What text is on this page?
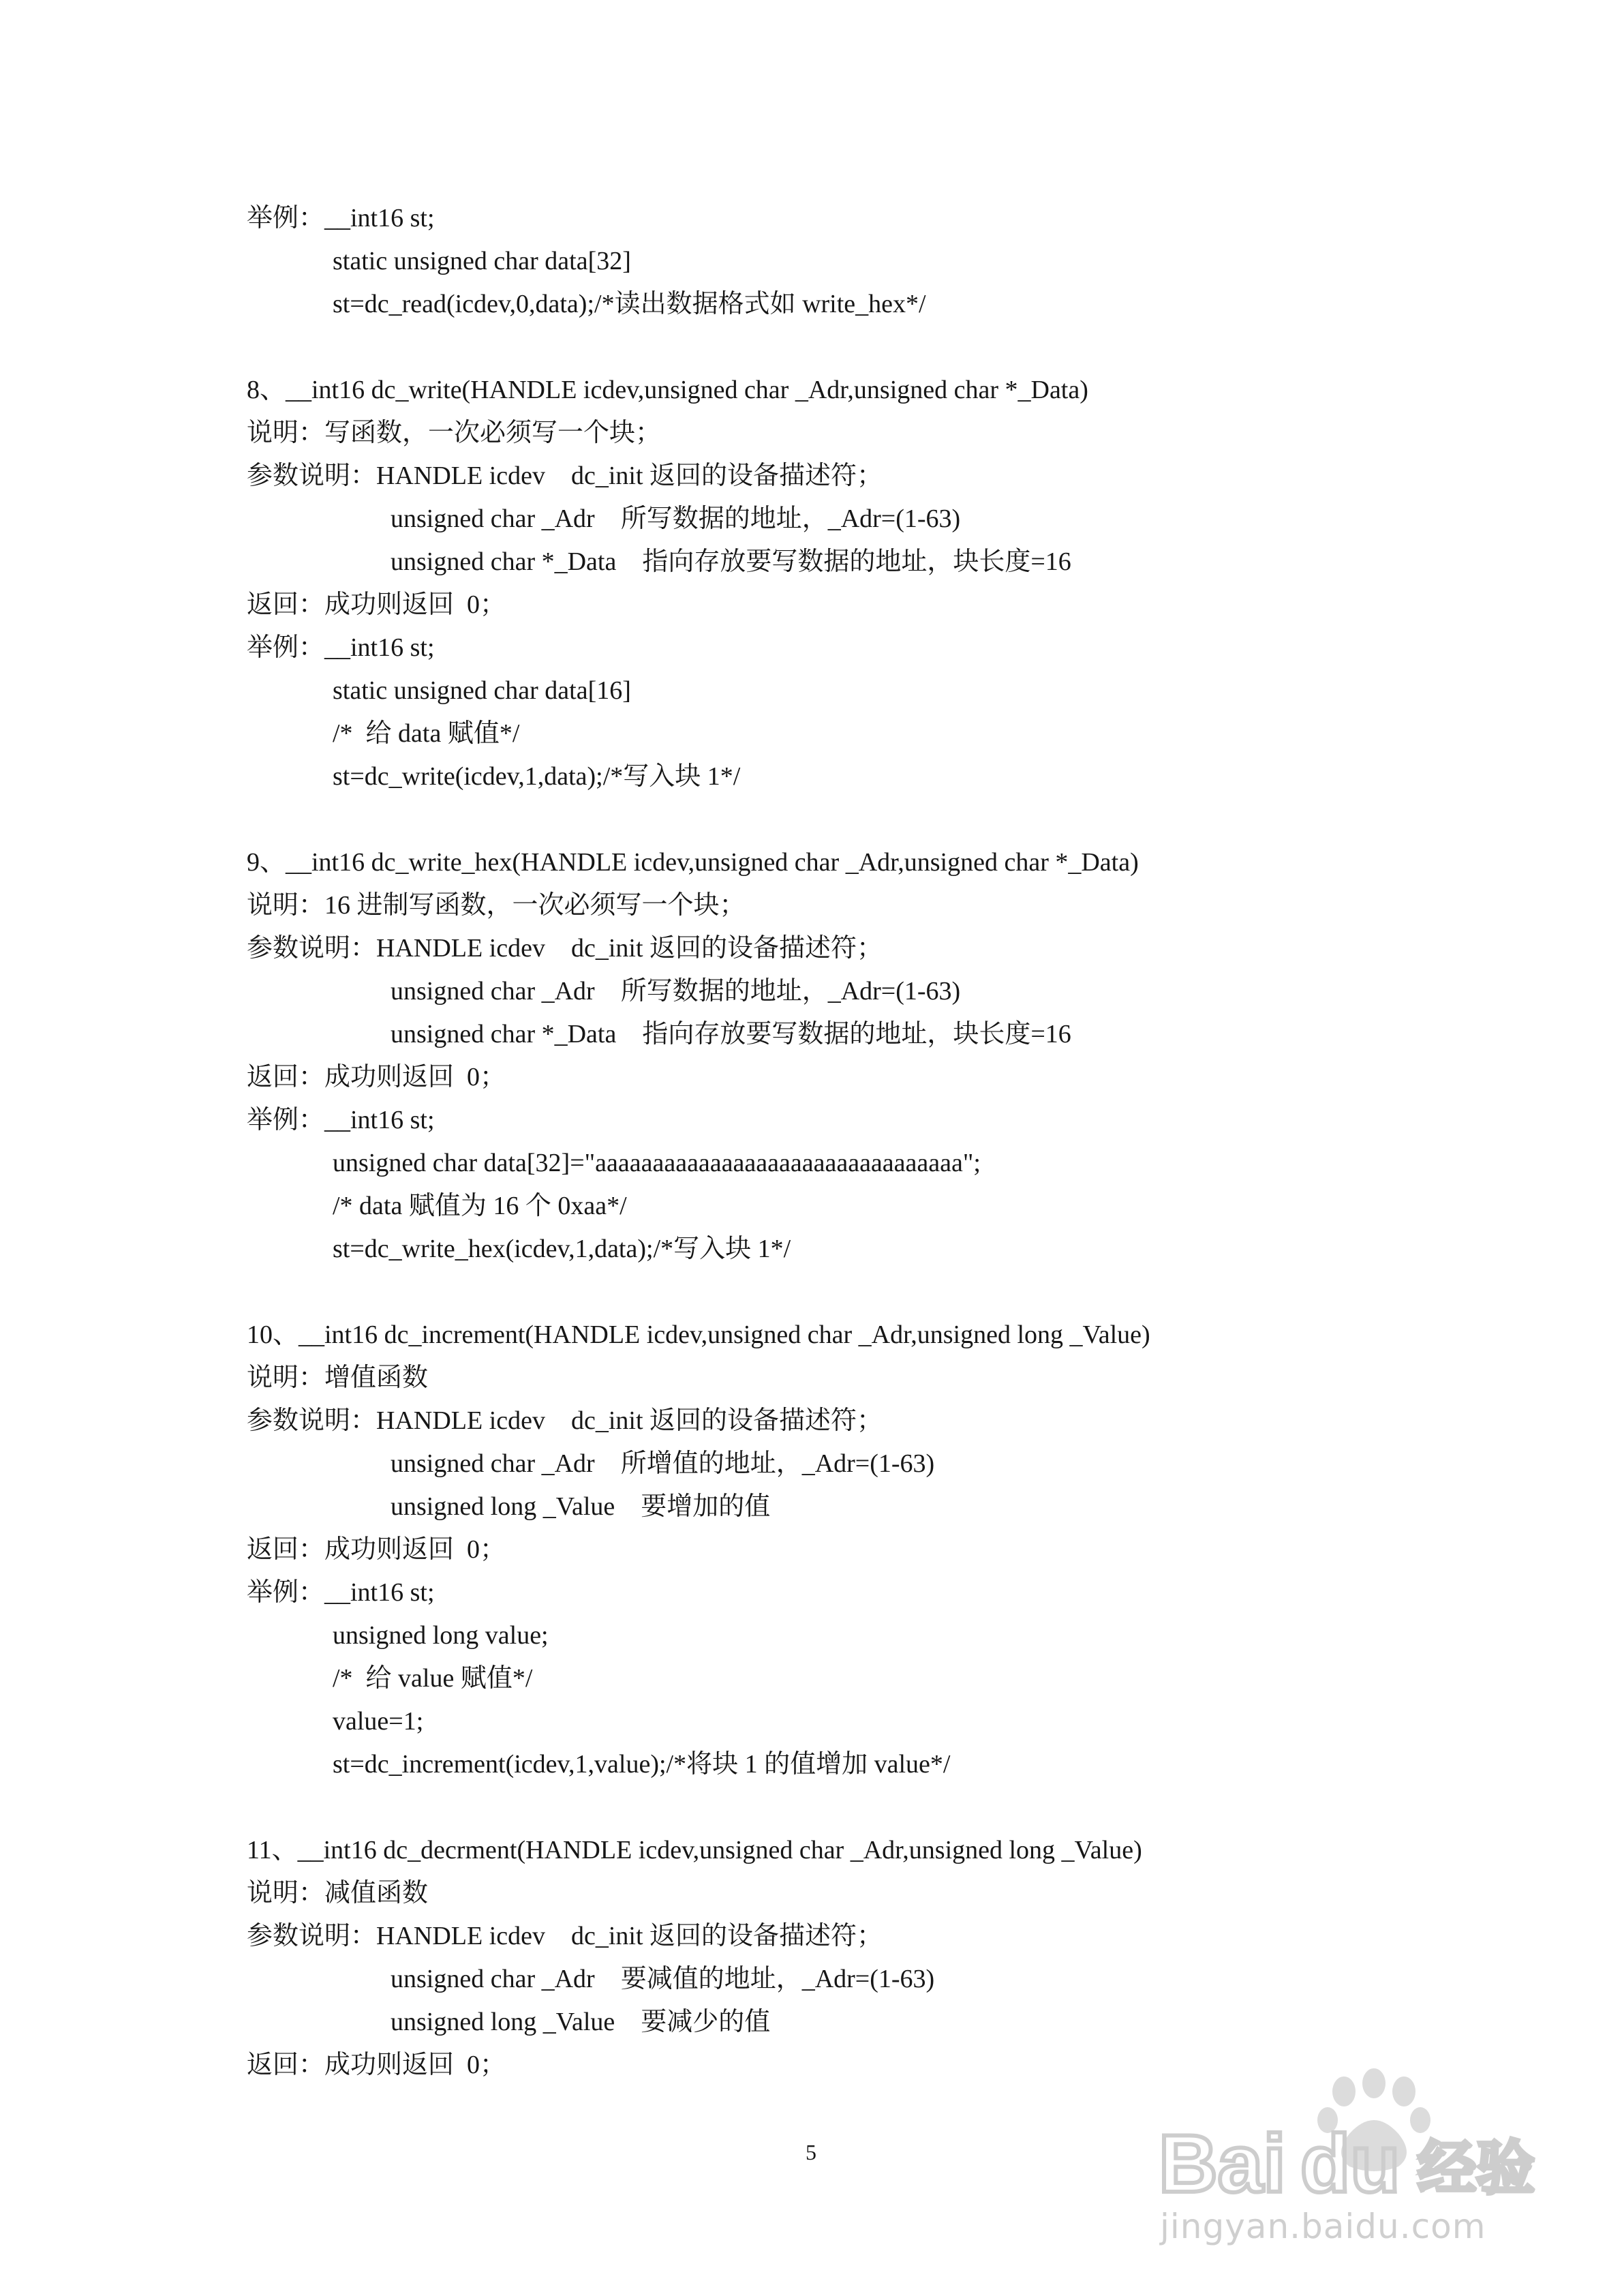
举例：__int16 st;
static unsigned char data[32]
st=dc_read(icdev,0,data);/*读出数据格式如 write_hex*/
8、__int16 dc_write(HANDLE icdev,unsigned char _Adr,unsigned char *_Data)
说明：写函数，一次必须写一个块；
参数说明：HANDLE icdev    dc_init 返回的设备描述符；
unsigned char _Adr    所写数据的地址，_Adr=(1-63)
unsigned char *_Data    指向存放要写数据的地址，块长度=16
返回：成功则返回  0；
举例：__int16 st;
static unsigned char data[16]
/*  给 data 赋值*/
st=dc_write(icdev,1,data);/*写入块 1*/
9、__int16 dc_write_hex(HANDLE icdev,unsigned char _Adr,unsigned char *_Data)
说明：16 进制写函数，一次必须写一个块；
参数说明：HANDLE icdev    dc_init 返回的设备描述符；
unsigned char _Adr    所写数据的地址，_Adr=(1-63)
unsigned char *_Data    指向存放要写数据的地址，块长度=16
返回：成功则返回  0；
举例：__int16 st;
unsigned char data[32]="aaaaaaaaaaaaaaaaaaaaaaaaaaaaaaaa";
/* data 赋值为 16 个 0xaa*/
st=dc_write_hex(icdev,1,data);/*写入块 1*/
10、__int16 dc_increment(HANDLE icdev,unsigned char _Adr,unsigned long _Value)
说明：增值函数
参数说明：HANDLE icdev    dc_init 返回的设备描述符；
unsigned char _Adr    所增值的地址，_Adr=(1-63)
unsigned long _Value    要增加的值
返回：成功则返回  0；
举例：__int16 st;
unsigned long value;
/*  给 value 赋值*/
value=1;
st=dc_increment(icdev,1,value);/*将块 1 的值增加 value*/
11、__int16 dc_decrment(HANDLE icdev,unsigned char _Adr,unsigned long _Value)
说明：减值函数
参数说明：HANDLE icdev    dc_init 返回的设备描述符；
unsigned char _Adr    要减值的地址，_Adr=(1-63)
unsigned long _Value    要减少的值
返回：成功则返回  0；
5	Bai du 经验
jingyan.baidu.com
